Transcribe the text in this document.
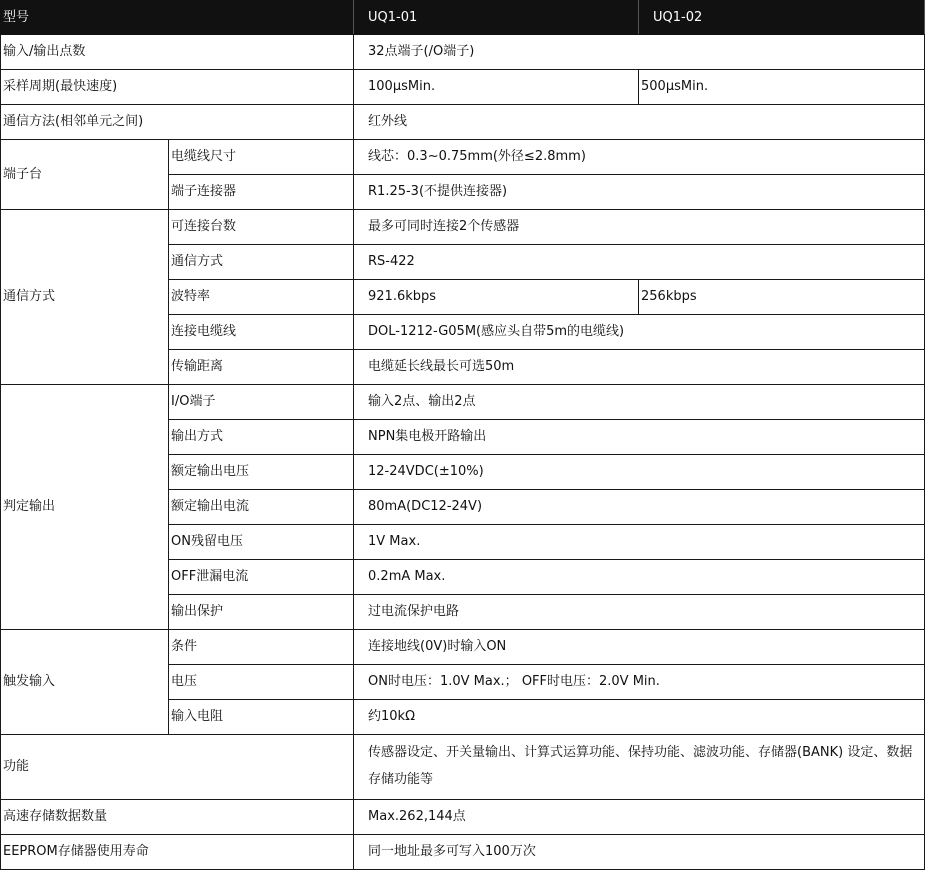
型号		UQ1-01	UQ1-02
输入/输出点数		32点端子(/O端子)	
采样周期(最快速度)		100μsMin.	500μsMin.
通信方法(相邻单元之间)		红外线	
端子台	电缆线尺寸	线芯：0.3~0.75mm(外径≤2.8mm)	
	端子连接器	R1.25-3(不提供连接器)	
通信方式	可连接台数	最多可同时连接2个传感器	
	通信方式	RS-422	
	波特率	921.6kbps	256kbps
	连接电缆线	DOL-1212-G05M(感应头自带5m的电缆线)	
	传输距离	电缆延长线最长可选50m	
判定输出	I/O端子	输入2点、输出2点	
	输出方式	NPN集电极开路输出	
	额定输出电压	12-24VDC(±10%)	
	额定输出电流	80mA(DC12-24V)	
	ON残留电压	1V Max.	
	OFF泄漏电流	0.2mA Max.	
	输出保护	过电流保护电路	
触发输入	条件	连接地线(0V)时输入ON	
	电压	ON时电压：1.0V Max.； OFF时电压：2.0V Min.	
	输入电阻	约10kΩ	
功能		传感器设定、开关量输出、计算式运算功能、保持功能、滤波功能、存储器(BANK) 设定、数据存储功能等	
高速存储数据数量		Max.262,144点	
EEPROM存储器使用寿命		同一地址最多可写入100万次	
